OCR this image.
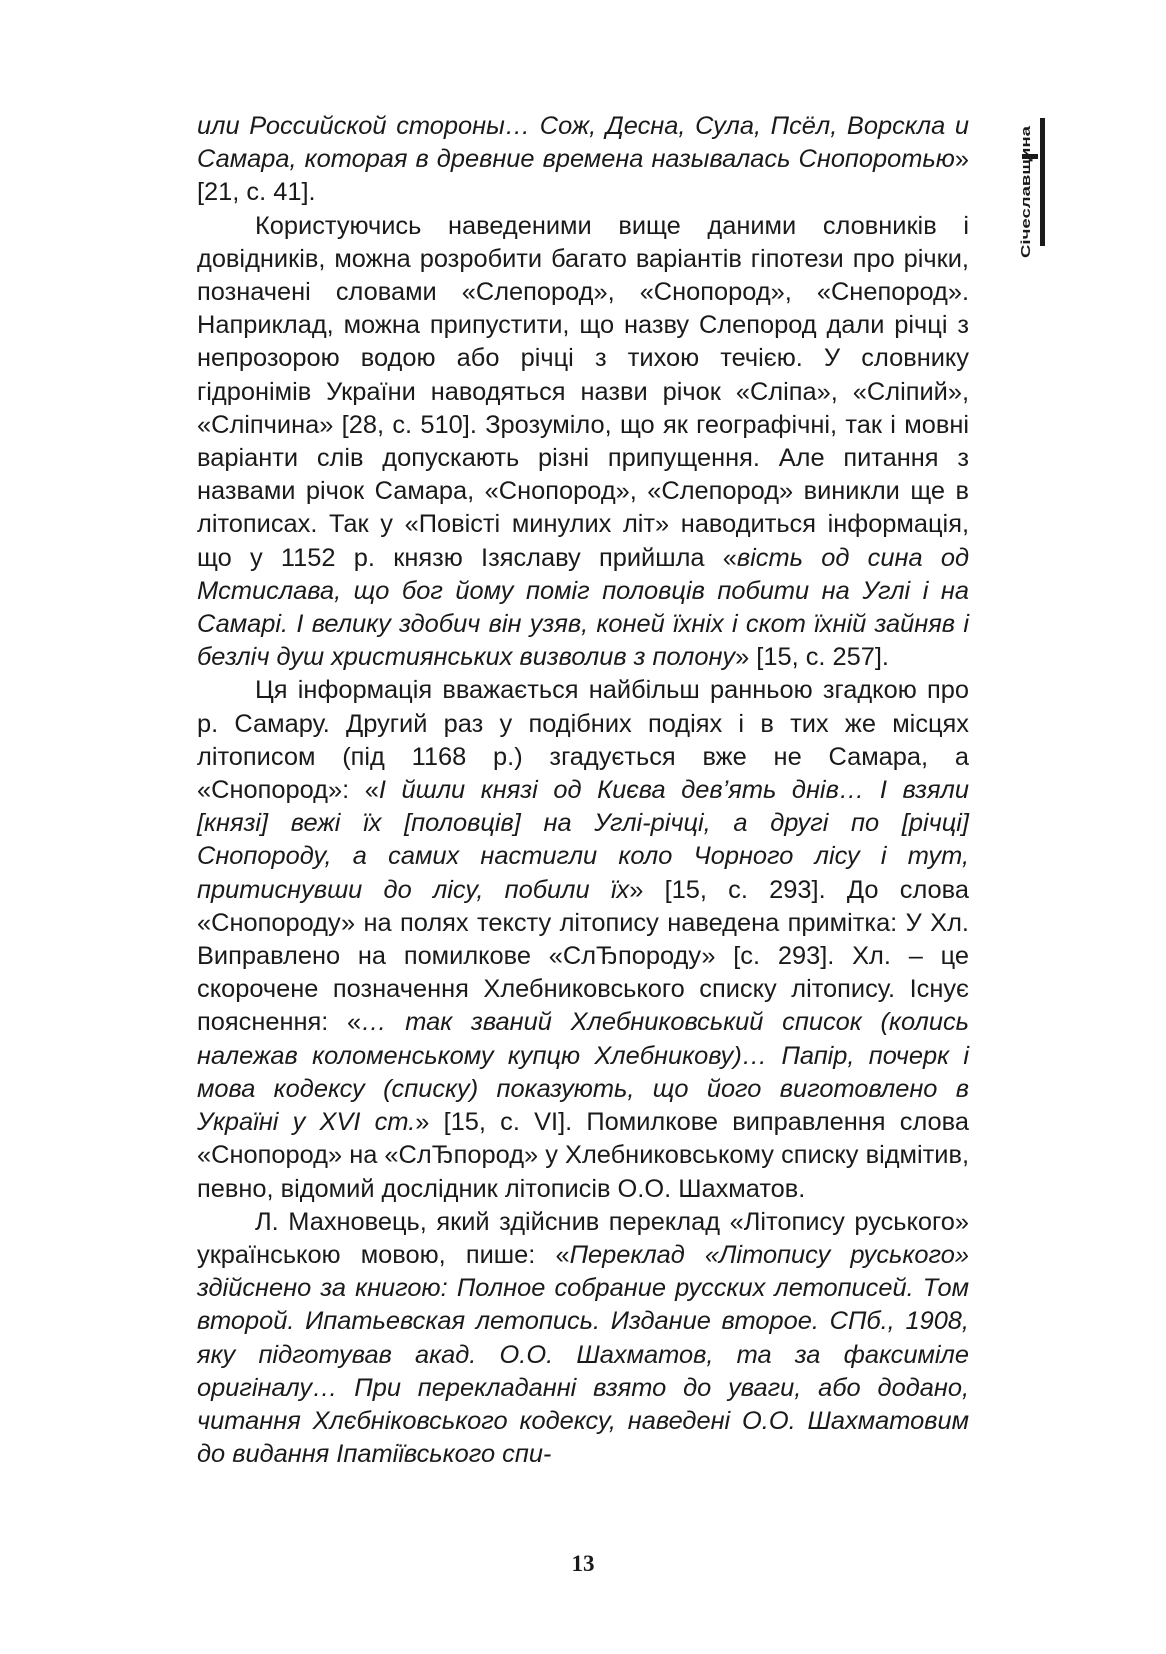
Січеславщина

или Российской стороны… Сож, Десна, Сула, Псёл, Ворскла и Самара, которая в древние времена называлась Снопоротью» [21, с. 41].

Користуючись наведеними вище даними словників і довідників, можна розробити багато варіантів гіпотези про річки, позначені словами «Слепород», «Снопород», «Снепород». Наприклад, можна припустити, що назву Слепород дали річці з непрозорою водою або річці з тихою течією. У словнику гідронімів України наводяться назви річок «Сліпа», «Сліпий», «Сліпчина» [28, с. 510]. Зрозуміло, що як географічні, так і мовні варіанти слів допускають різні припущення. Але питання з назвами річок Самара, «Снопород», «Слепород» виникли ще в літописах. Так у «Повісті минулих літ» наводиться інформація, що у 1152 р. князю Ізяславу прийшла «вість од сина од Мстислава, що бог йому поміг половців побити на Углі і на Самарі. І велику здобич він узяв, коней їхніх і скот їхній зайняв і безліч душ християнських визволив з полону» [15, с. 257].

Ця інформація вважається найбільш ранньою згадкою про р. Самару. Другий раз у подібних подіях і в тих же місцях літописом (під 1168 р.) згадується вже не Самара, а «Снопород»: «І йшли князі од Києва дев’ять днів… І взяли [князі] вежі їх [половців] на Углі-річці, а другі по [річці] Снопороду, а самих настигли коло Чорного лісу і тут, притиснувши до лісу, побили їх» [15, с. 293]. До слова «Снопороду» на полях тексту літопису наведена примітка: У Хл. Виправлено на помилкове «СлЂпороду» [с. 293]. Хл. – це скорочене позначення Хлебниковського списку літопису. Існує пояснення: «… так званий Хлебниковський список (колись належав коломенському купцю Хлебникову)… Папір, почерк і мова кодексу (списку) показують, що його виготовлено в Україні у XVI ст.» [15, с. VI]. Помилкове виправлення слова «Снопород» на «СлЂпород» у Хлебниковському списку відмітив, певно, відомий дослідник літописів О.О. Шахматов.

Л. Махновець, який здійснив переклад «Літопису руського» українською мовою, пише: «Переклад «Літопису руського» здійснено за книгою: Полное собрание русских летописей. Том второй. Ипатьевская летопись. Издание второе. СПб., 1908, яку підготував акад. О.О. Шахматов, та за факсиміле оригіналу… При перекладанні взято до уваги, або додано, читання Хлєбніковського кодексу, наведені О.О. Шахматовим до видання Іпатіївського спи-

13
